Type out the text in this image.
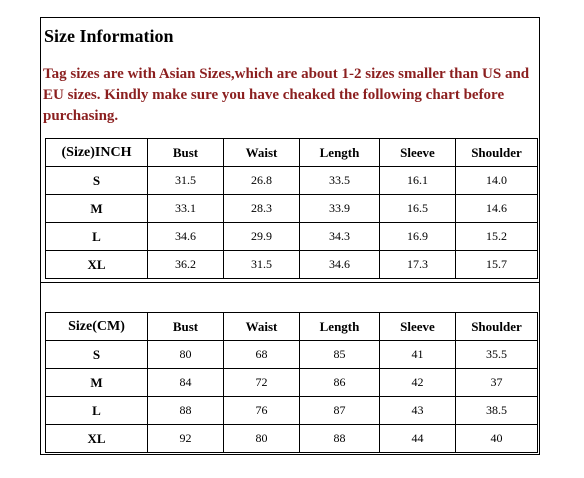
Size Information
Tag sizes are with Asian Sizes,which are about 1-2 sizes smaller than US and EU sizes. Kindly make sure you have cheaked the following chart before purchasing.
(Size)INCH	Bust	Waist	Length	Sleeve	Shoulder
S	31.5	26.8	33.5	16.1	14.0
M	33.1	28.3	33.9	16.5	14.6
L	34.6	29.9	34.3	16.9	15.2
XL	36.2	31.5	34.6	17.3	15.7
Size(CM)	Bust	Waist	Length	Sleeve	Shoulder
S	80	68	85	41	35.5
M	84	72	86	42	37
L	88	76	87	43	38.5
XL	92	80	88	44	40
